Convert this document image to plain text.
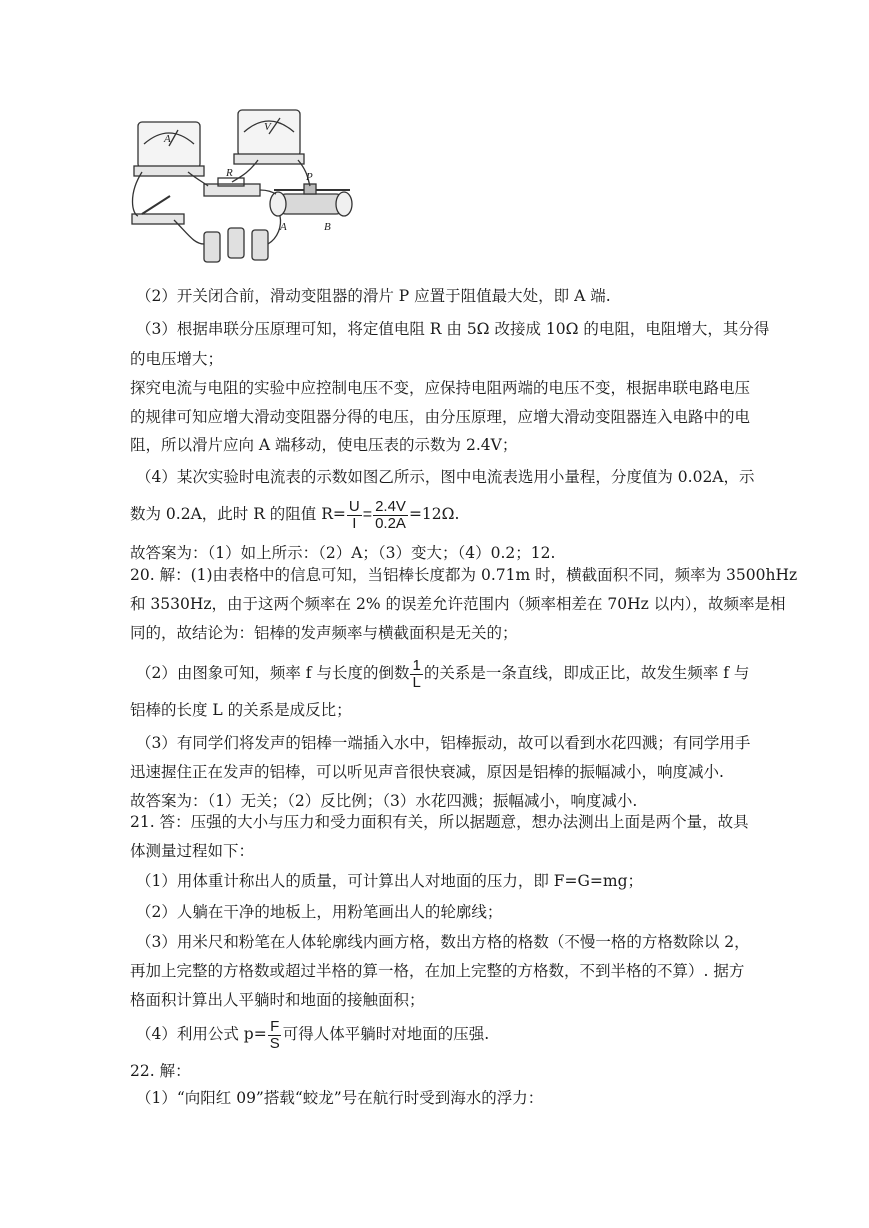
A
V
R	P
A	B
（2）开关闭合前，滑动变阻器的滑片 P 应置于阻值最大处，即 A 端.
（3）根据串联分压原理可知，将定值电阻 R 由 5Ω 改接成 10Ω 的电阻，电阻增大，其分得
的电压增大；
探究电流与电阻的实验中应控制电压不变，应保持电阻两端的电压不变，根据串联电路电压
的规律可知应增大滑动变阻器分得的电压，由分压原理，应增大滑动变阻器连入电路中的电
阻，所以滑片应向 A 端移动，使电压表的示数为 2.4V；
（4）某次实验时电流表的示数如图乙所示，图中电流表选用小量程，分度值为 0.02A，示
数为 0.2A，此时 R 的阻值 $R= \frac{U}{I} = \frac{2.4V}{0.2A} =12\Omega$.
故答案为：（1）如上所示：（2）A；（3）变大；（4）0.2；12.
20. 解：(1)由表格中的信息可知，当铝棒长度都为 0.71m 时，横截面积不同，频率为 3500hHz
和 3530Hz，由于这两个频率在 2% 的误差允许范围内（频率相差在 70Hz 以内），故频率是相
同的，故结论为：铝棒的发声频率与横截面积是无关的；
（2）由图象可知，频率 f 与长度的倒数 $\frac{1}{L}$ 的关系是一条直线，即成正比，故发生频率 f 与
铝棒的长度 L 的关系是成反比；
（3）有同学们将发声的铝棒一端插入水中，铝棒振动，故可以看到水花四溅；有同学用手
迅速握住正在发声的铝棒，可以听见声音很快衰减，原因是铝棒的振幅减小，响度减小.
故答案为：（1）无关；（2）反比例；（3）水花四溅；振幅减小，响度减小.
21. 答：压强的大小与压力和受力面积有关，所以据题意，想办法测出上面是两个量，故具
体测量过程如下：
（1）用体重计称出人的质量，可计算出人对地面的压力，即 F=G=mg；
（2）人躺在干净的地板上，用粉笔画出人的轮廓线；
（3）用米尺和粉笔在人体轮廓线内画方格，数出方格的格数（不慢一格的方格数除以 2，
再加上完整的方格数或超过半格的算一格，在加上完整的方格数，不到半格的不算）. 据方
格面积计算出人平躺时和地面的接触面积；
（4）利用公式 $p= \frac{F}{S}$ 可得人体平躺时对地面的压强.
22. 解：
（1）“向阳红 09”搭载“蛟龙”号在航行时受到海水的浮力：
